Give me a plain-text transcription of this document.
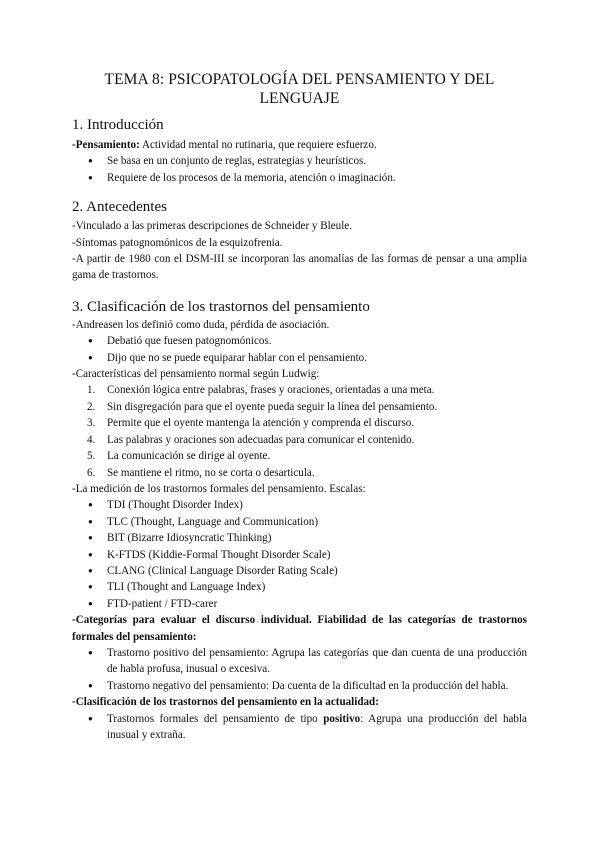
TEMA 8: PSICOPATOLOGÍA DEL PENSAMIENTO Y DEL LENGUAJE

1. Introducción

-Pensamiento: Actividad mental no rutinaria, que requiere esfuerzo.

● Se basa en un conjunto de reglas, estrategias y heurísticos.
● Requiere de los procesos de la memoria, atención o imaginación.
2. Antecedentes

-Vinculado a las primeras descripciones de Schneider y Bleule.

-Síntomas patognomónicos de la esquizofrenia.

-A partir de 1980 con el DSM-III se incorporan las anomalías de las formas de pensar a una amplia gama de trastornos.

3. Clasificación de los trastornos del pensamiento

-Andreasen los definió como duda, pérdida de asociación.

● Debatió que fuesen patognomónicos.
● Dijo que no se puede equiparar hablar con el pensamiento.

-Características del pensamiento normal según Ludwig:

1. Conexión lógica entre palabras, frases y oraciones, orientadas a una meta.
2. Sin disgregación para que el oyente pueda seguir la línea del pensamiento.
3. Permite que el oyente mantenga la atención y comprenda el discurso.
4. Las palabras y oraciones son adecuadas para comunicar el contenido.
5. La comunicación se dirige al oyente.
6. Se mantiene el ritmo, no se corta o desarticula.

-La medición de los trastornos formales del pensamiento. Escalas:

● TDI (Thought Disorder Index)
● TLC (Thought, Language and Communication)
● BIT (Bizarre Idiosyncratic Thinking)
● K-FTDS (Kiddie-Formal Thought Disorder Scale)
● CLANG (Clinical Language Disorder Rating Scale)
● TLI (Thought and Language Index)
● FTD-patient / FTD-carer

-Categorías para evaluar el discurso individual. Fiabilidad de las categorías de trastornos formales del pensamiento:

● Trastorno positivo del pensamiento: Agrupa las categorías que dan cuenta de una producción de habla profusa, inusual o excesiva.
● Trastorno negativo del pensamiento: Da cuenta de la dificultad en la producción del habla.

-Clasificación de los trastornos del pensamiento en la actualidad:

● Trastornos formales del pensamiento de tipo positivo: Agrupa una producción del habla inusual y extraña.
